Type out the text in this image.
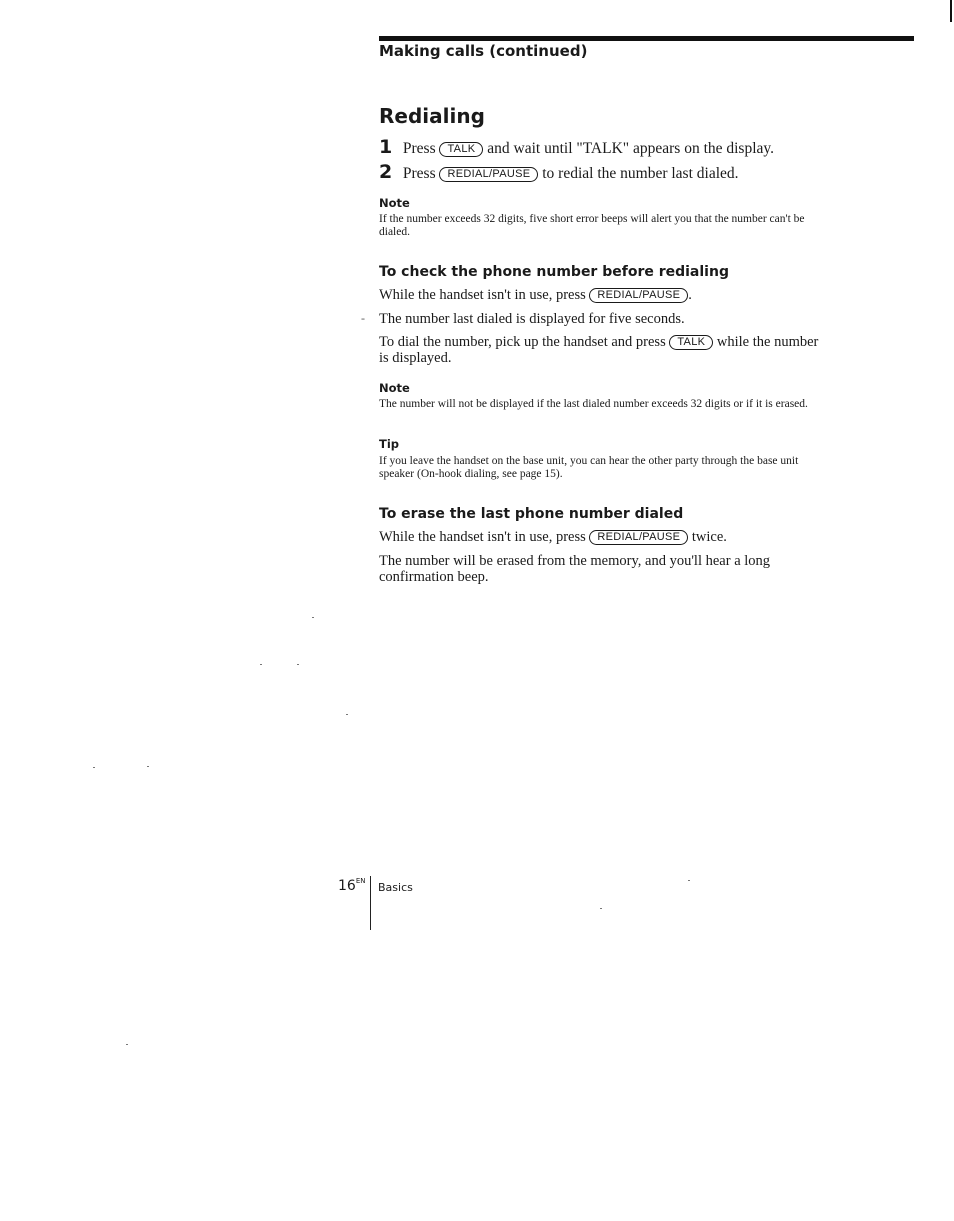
Making calls (continued)
Redialing
1 Press TALK and wait until "TALK" appears on the display.
2 Press REDIAL/PAUSE to redial the number last dialed.
Note
If the number exceeds 32 digits, five short error beeps will alert you that the number can't be dialed.
To check the phone number before redialing
While the handset isn't in use, press REDIAL/PAUSE .
- The number last dialed is displayed for five seconds.
To dial the number, pick up the handset and press TALK while the number is displayed.
Note
The number will not be displayed if the last dialed number exceeds 32 digits or if it is erased.
Tip
If you leave the handset on the base unit, you can hear the other party through the base unit speaker (On-hook dialing, see page 15).
To erase the last phone number dialed
While the handset isn't in use, press REDIAL/PAUSE twice.
The number will be erased from the memory, and you'll hear a long confirmation beep.
$16^{EN}$ Basics
